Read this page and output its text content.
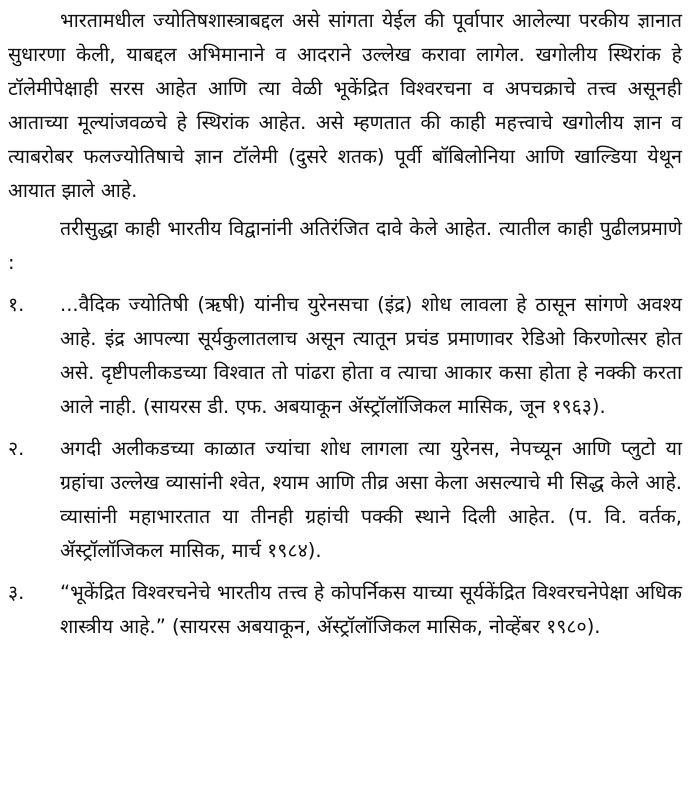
भारतामधील ज्योतिषशास्त्राबद्दल असे सांगता येईल की पूर्वापार आलेल्या परकीय ज्ञानात सुधारणा केली, याबद्दल अभिमानाने व आदराने उल्लेख करावा लागेल. खगोलीय स्थिरांक हे टॉलेमीपेक्षाही सरस आहेत आणि त्या वेळी भूकेंद्रित विश्वरचना व अपचक्राचे तत्त्व असूनही आताच्या मूल्यांजवळचे हे स्थिरांक आहेत. असे म्हणतात की काही महत्त्वाचे खगोलीय ज्ञान व त्याबरोबर फलज्योतिषाचे ज्ञान टॉलेमी (दुसरे शतक) पूर्वी बॉबिलोनिया आणि खाल्डिया येथून आयात झाले आहे.

तरीसुद्धा काही भारतीय विद्वानांनी अतिरंजित दावे केले आहेत. त्यातील काही पुढीलप्रमाणे :

१.	...वैदिक ज्योतिषी (ऋषी) यांनीच युरेनसचा (इंद्र) शोध लावला हे ठासून सांगणे अवश्य आहे. इंद्र आपल्या सूर्यकुलातलाच असून त्यातून प्रचंड प्रमाणावर रेडिओ किरणोत्सर होत असे. दृष्टीपलीकडच्या विश्वात तो पांढरा होता व त्याचा आकार कसा होता हे नक्की करता आले नाही. (सायरस डी. एफ. अबयाकून ॲस्ट्रॉलॉजिकल मासिक, जून १९६३).
२.	अगदी अलीकडच्या काळात ज्यांचा शोध लागला त्या युरेनस, नेपच्यून आणि प्लुटो या ग्रहांचा उल्लेख व्यासांनी श्वेत, श्याम आणि तीव्र असा केला असल्याचे मी सिद्ध केले आहे. व्यासांनी महाभारतात या तीनही ग्रहांची पक्की स्थाने दिली आहेत. (प. वि. वर्तक, ॲस्ट्रॉलॉजिकल मासिक, मार्च १९८४).
३.	“भूकेंद्रित विश्वरचनेचे भारतीय तत्त्व हे कोपर्निकस याच्या सूर्यकेंद्रित विश्वरचनेपेक्षा अधिक शास्त्रीय आहे.” (सायरस अबयाकून, ॲस्ट्रॉलॉजिकल मासिक, नोव्हेंबर १९८०).
